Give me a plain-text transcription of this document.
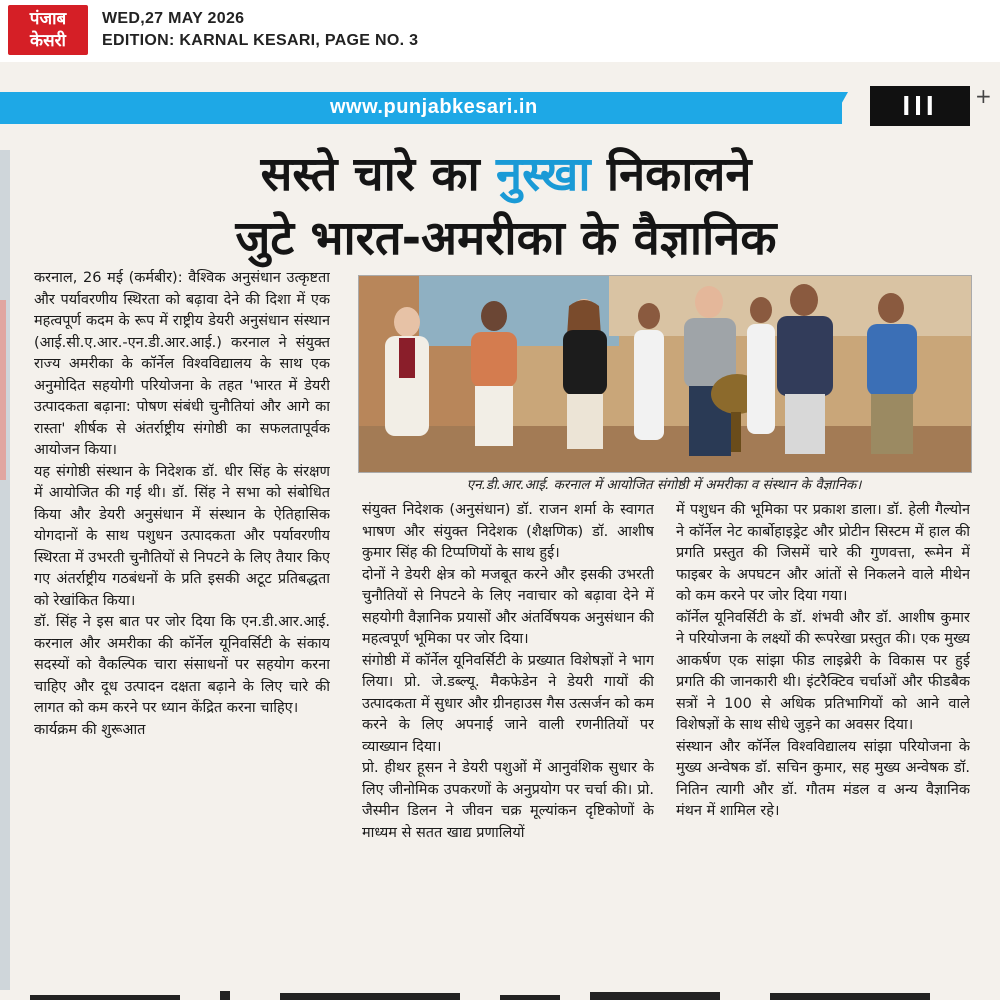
पंजाब
केसरी
WED,27 MAY 2026
EDITION: KARNAL KESARI, PAGE NO. 3
www.punjabkesari.in	III	+
सस्ते चारे का नुस्खा निकालने
जुटे भारत-अमरीका के वैज्ञानिक
करनाल, 26 मई (कर्मबीर): वैश्विक अनुसंधान उत्कृष्टता और पर्यावरणीय स्थिरता को बढ़ावा देने की दिशा में एक महत्वपूर्ण कदम के रूप में राष्ट्रीय डेयरी अनुसंधान संस्थान (आई.सी.ए.आर.-एन.डी.आर.आई.) करनाल ने संयुक्त राज्य अमरीका के कॉर्नेल विश्वविद्यालय के साथ एक अनुमोदित सहयोगी परियोजना के तहत 'भारत में डेयरी उत्पादकता बढ़ाना: पोषण संबंधी चुनौतियां और आगे का रास्ता' शीर्षक से अंतर्राष्ट्रीय संगोष्ठी का सफलतापूर्वक आयोजन किया।
यह संगोष्ठी संस्थान के निदेशक डॉ. धीर सिंह के संरक्षण में आयोजित की गई थी। डॉ. सिंह ने सभा को संबोधित किया और डेयरी अनुसंधान में संस्थान के ऐतिहासिक योगदानों के साथ पशुधन उत्पादकता और पर्यावरणीय स्थिरता में उभरती चुनौतियों से निपटने के लिए तैयार किए गए अंतर्राष्ट्रीय गठबंधनों के प्रति इसकी अटूट प्रतिबद्धता को रेखांकित किया।
डॉ. सिंह ने इस बात पर जोर दिया कि एन.डी.आर.आई. करनाल और अमरीका की कॉर्नेल यूनिवर्सिटी के संकाय सदस्यों को वैकल्पिक चारा संसाधनों पर सहयोग करना चाहिए और दूध उत्पादन दक्षता बढ़ाने के लिए चारे की लागत को कम करने पर ध्यान केंद्रित करना चाहिए।
कार्यक्रम की शुरूआत
एन.डी.आर.आई. करनाल में आयोजित संगोष्ठी में अमरीका व संस्थान के वैज्ञानिक।
संयुक्त निदेशक (अनुसंधान) डॉ. राजन शर्मा के स्वागत भाषण और संयुक्त निदेशक (शैक्षणिक) डॉ. आशीष कुमार सिंह की टिप्पणियों के साथ हुई।
दोनों ने डेयरी क्षेत्र को मजबूत करने और इसकी उभरती चुनौतियों से निपटने के लिए नवाचार को बढ़ावा देने में सहयोगी वैज्ञानिक प्रयासों और अंतर्विषयक अनुसंधान की महत्वपूर्ण भूमिका पर जोर दिया।
संगोष्ठी में कॉर्नेल यूनिवर्सिटी के प्रख्यात विशेषज्ञों ने भाग लिया। प्रो. जे.डब्ल्यू. मैकफेडेन ने डेयरी गायों की उत्पादकता में सुधार और ग्रीनहाउस गैस उत्सर्जन को कम करने के लिए अपनाई जाने वाली रणनीतियों पर व्याख्यान दिया।
प्रो. हीथर हूसन ने डेयरी पशुओं में आनुवंशिक सुधार के लिए जीनोमिक उपकरणों के अनुप्रयोग पर चर्चा की। प्रो. जैस्मीन डिलन ने जीवन चक्र मूल्यांकन दृष्टिकोणों के माध्यम से सतत खाद्य प्रणालियों
में पशुधन की भूमिका पर प्रकाश डाला। डॉ. हेली गैल्योन ने कॉर्नेल नेट कार्बोहाइड्रेट और प्रोटीन सिस्टम में हाल की प्रगति प्रस्तुत की जिसमें चारे की गुणवत्ता, रूमेन में फाइबर के अपघटन और आंतों से निकलने वाले मीथेन को कम करने पर जोर दिया गया।
कॉर्नेल यूनिवर्सिटी के डॉ. शंभवी और डॉ. आशीष कुमार ने परियोजना के लक्ष्यों की रूपरेखा प्रस्तुत की। एक मुख्य आकर्षण एक सांझा फीड लाइब्रेरी के विकास पर हुई प्रगति की जानकारी थी। इंटरैक्टिव चर्चाओं और फीडबैक सत्रों ने 100 से अधिक प्रतिभागियों को आने वाले विशेषज्ञों के साथ सीधे जुड़ने का अवसर दिया।
संस्थान और कॉर्नेल विश्वविद्यालय सांझा परियोजना के मुख्य अन्वेषक डॉ. सचिन कुमार, सह मुख्य अन्वेषक डॉ. नितिन त्यागी और डॉ. गौतम मंडल व अन्य वैज्ञानिक मंथन में शामिल रहे।
